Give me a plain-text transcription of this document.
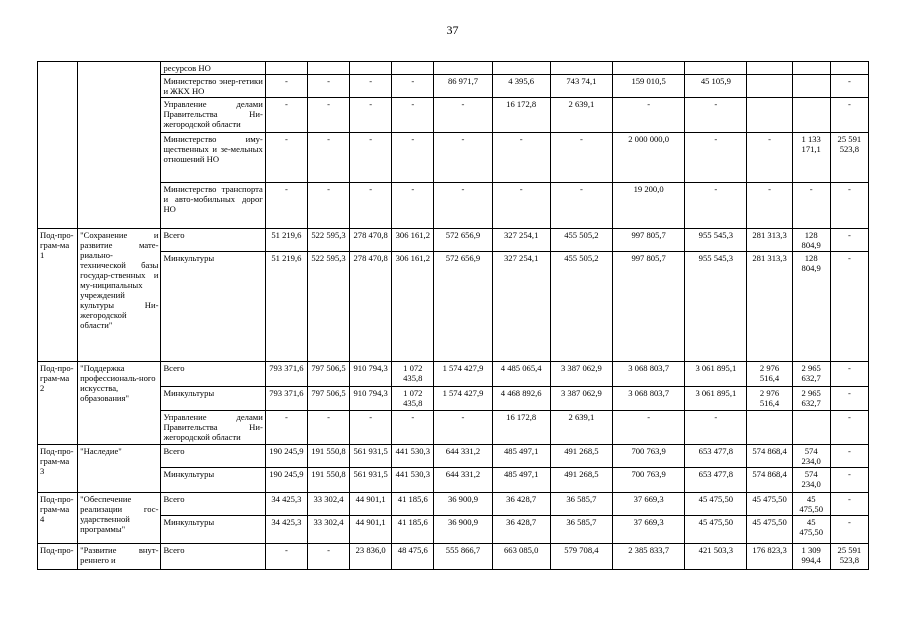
37
		ресурсов НО												
		Министерство энер-гетики и ЖКХ НО	-	-	-	-	86 971,7	4 395,6	743 74,1	159 010,5	45 105,9			-
		Управление делами Правительства Ни-жегородской области	-	-	-	-	-	16 172,8	2 639,1	-	-			-
		Министерство иму-щественных и зе-мельных отношений НО	-	-	-	-	-	-	-	2 000 000,0	-	-	1 133 171,1	25 591 523,8
		Министерство транспорта и авто-мобильных дорог НО	-	-	-	-	-	-	-	19 200,0	-	-	-	-
Под-про-грам-ма 1	"Сохранение и развитие мате-риально-технической базы государ-ственных и му-ниципальных учреждений культуры Ни-жегородской области"	Всего	51 219,6	522 595,3	278 470,8	306 161,2	572 656,9	327 254,1	455 505,2	997 805,7	955 545,3	281 313,3	128 804,9	-
		Минкультуры	51 219,6	522 595,3	278 470,8	306 161,2	572 656,9	327 254,1	455 505,2	997 805,7	955 545,3	281 313,3	128 804,9	-
Под-про-грам-ма 2	"Поддержка профессиональ-ного искусства, образования"	Всего	793 371,6	797 506,5	910 794,3	1 072 435,8	1 574 427,9	4 485 065,4	3 387 062,9	3 068 803,7	3 061 895,1	2 976 516,4	2 965 632,7	-
		Минкультуры	793 371,6	797 506,5	910 794,3	1 072 435,8	1 574 427,9	4 468 892,6	3 387 062,9	3 068 803,7	3 061 895,1	2 976 516,4	2 965 632,7	-
		Управление делами Правительства Ни-жегородской области	-	-	-	-	-	16 172,8	2 639,1	-	-			-
Под-про-грам-ма 3	"Наследие"	Всего	190 245,9	191 550,8	561 931,5	441 530,3	644 331,2	485 497,1	491 268,5	700 763,9	653 477,8	574 868,4	574 234,0	-
		Минкультуры	190 245,9	191 550,8	561 931,5	441 530,3	644 331,2	485 497,1	491 268,5	700 763,9	653 477,8	574 868,4	574 234,0	-
Под-про-грам-ма 4	"Обеспечение реализации гос-ударственной программы"	Всего	34 425,3	33 302,4	44 901,1	41 185,6	36 900,9	36 428,7	36 585,7	37 669,3	45 475,50	45 475,50	45 475,50	-
		Минкультуры	34 425,3	33 302,4	44 901,1	41 185,6	36 900,9	36 428,7	36 585,7	37 669,3	45 475,50	45 475,50	45 475,50	-
Под-про-	"Развитие внут-реннего и	Всего	-	-	23 836,0	48 475,6	555 866,7	663 085,0	579 708,4	2 385 833,7	421 503,3	176 823,3	1 309 994,4	25 591 523,8
